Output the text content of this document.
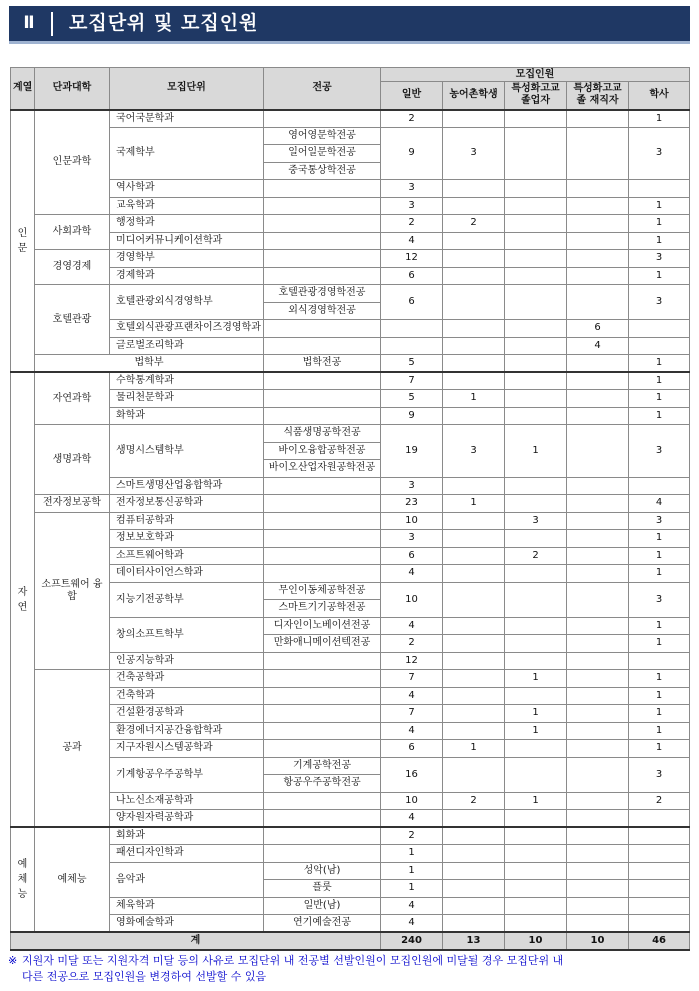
Ⅱ	모집단위 및 모집인원
계열	단과대학	모집단위	전공	모집인원				
				일반	농어촌학생	특성화고교 졸업자	특성화고교졸 재직자	학사
인 문	인문과학	국어국문학과		2				1
		국제학부	영어영문학전공	9	3			3
			일어일문학전공					
			중국통상학전공					
		역사학과		3				
		교육학과		3				1
	사회과학	행정학과		2	2			1
		미디어커뮤니케이션학과		4				1
	경영경제	경영학부		12				3
		경제학과		6				1
	호텔관광	호텔관광외식경영학부	호텔관광경영학전공	6				3
			외식경영학전공					
		호텔외식관광프랜차이즈경영학과					6	
		글로벌조리학과					4	
	법학부		법학전공	5				1
자 연	자연과학	수학통계학과		7				1
		물리천문학과		5	1			1
		화학과		9				1
	생명과학	생명시스템학부	식품생명공학전공	19	3	1		3
			바이오융합공학전공					
			바이오산업자원공학전공					
		스마트생명산업융합학과		3				
	전자정보공학	전자정보통신공학과		23	1			4
	소프트웨어 융합	컴퓨터공학과		10		3		3
		정보보호학과		3				1
		소프트웨어학과		6		2		1
		데이터사이언스학과		4				1
		지능기전공학부	무인이동체공학전공	10				3
			스마트기기공학전공					
		창의소프트학부	디자인이노베이션전공	4				1
			만화애니메이션텍전공	2				1
		인공지능학과		12				
	공과	건축공학과		7		1		1
		건축학과		4				1
		건설환경공학과		7		1		1
		환경에너지공간융합학과		4		1		1
		지구자원시스템공학과		6	1			1
		기계항공우주공학부	기계공학전공	16				3
			항공우주공학전공					
		나노신소재공학과		10	2	1		2
		양자원자력공학과		4				
예 체 능	예체능	회화과		2				
		패션디자인학과		1				
		음악과	성악(남)	1				
			플룻	1				
		체육학과	일반(남)	4				
		영화예술학과	연기예술전공	4				
계				240	13	10	10	46
※ 지원자 미달 또는 지원자격 미달 등의 사유로 모집단위 내 전공별 선발인원이 모집인원에 미달될 경우 모집단위 내
다른 전공으로 모집인원을 변경하여 선발할 수 있음
